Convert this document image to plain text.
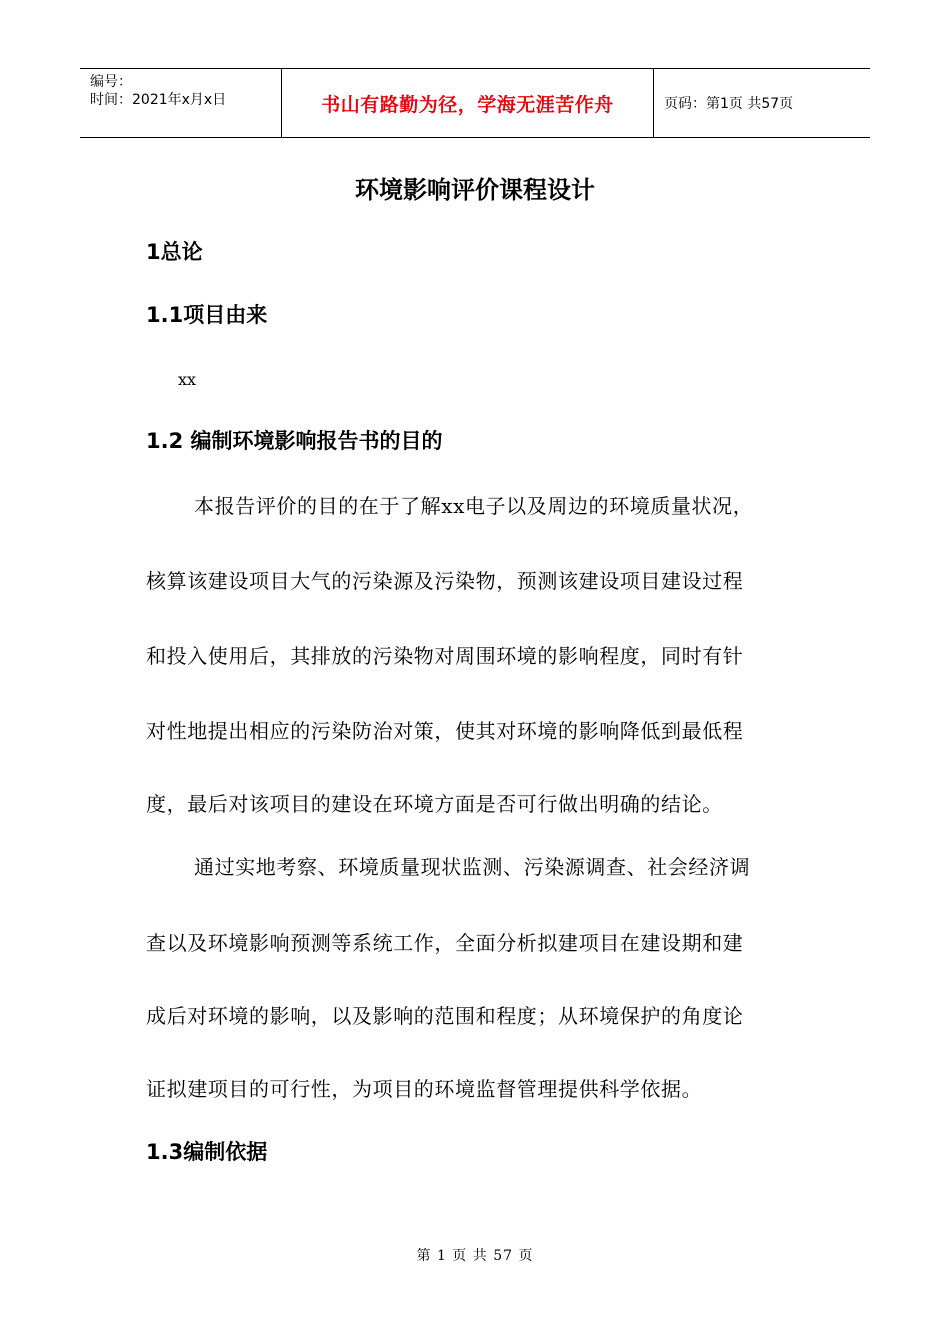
编号：
时间：2021年x月x日	书山有路勤为径，学海无涯苦作舟	页码：第1页 共57页
环境影响评价课程设计
1总论
1.1项目由来
xx
1.2 编制环境影响报告书的目的
本报告评价的目的在于了解xx电子以及周边的环境质量状况，
核算该建设项目大气的污染源及污染物，预测该建设项目建设过程
和投入使用后，其排放的污染物对周围环境的影响程度，同时有针
对性地提出相应的污染防治对策，使其对环境的影响降低到最低程
度，最后对该项目的建设在环境方面是否可行做出明确的结论。
通过实地考察、环境质量现状监测、污染源调查、社会经济调
查以及环境影响预测等系统工作，全面分析拟建项目在建设期和建
成后对环境的影响，以及影响的范围和程度；从环境保护的角度论
证拟建项目的可行性，为项目的环境监督管理提供科学依据。
1.3编制依据
第 1 页 共 57 页
